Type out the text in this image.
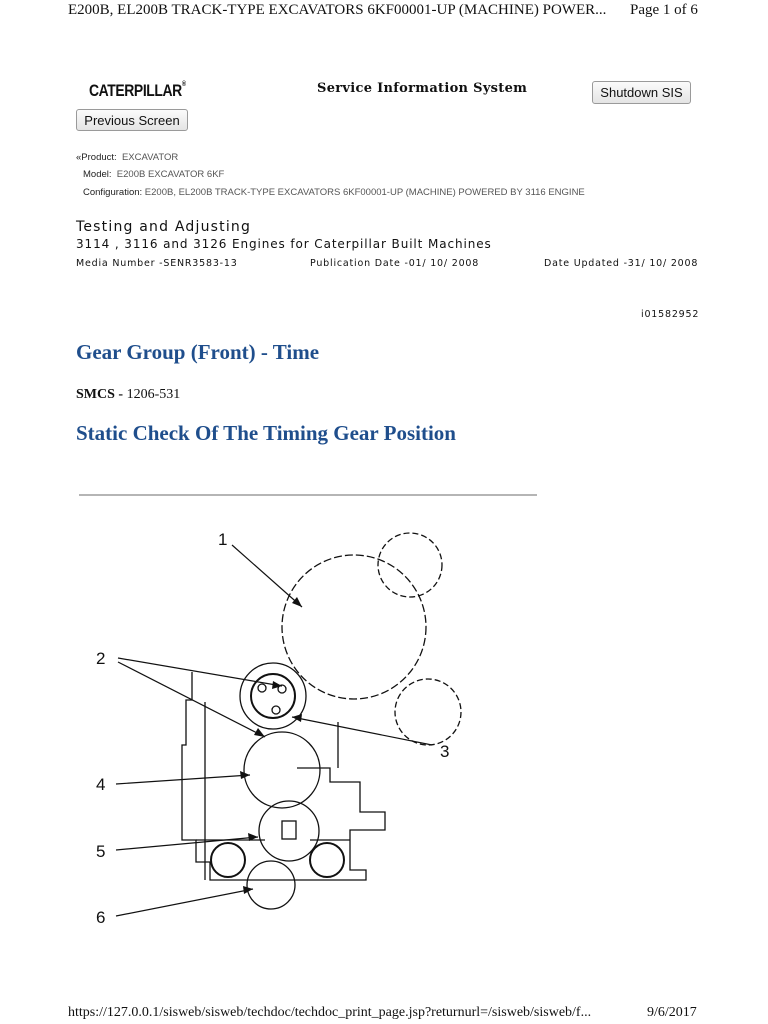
E200B, EL200B TRACK-TYPE EXCAVATORS 6KF00001-UP (MACHINE) POWER... Page 1 of 6
CATERPILLAR®	Service Information System	Shutdown SIS
Previous Screen
«Product: EXCAVATOR
Model: E200B EXCAVATOR 6KF
Configuration: E200B, EL200B TRACK-TYPE EXCAVATORS 6KF00001-UP (MACHINE) POWERED BY 3116 ENGINE
Testing and Adjusting
3114 , 3116 and 3126 Engines for Caterpillar Built Machines
Media Number -SENR3583-13	Publication Date -01/ 10/ 2008	Date Updated -31/ 10/ 2008
i01582952
Gear Group (Front) - Time
SMCS - 1206-531
Static Check Of The Timing Gear Position
1
2
3
4
5
6
https://127.0.0.1/sisweb/sisweb/techdoc/techdoc_print_page.jsp?returnurl=/sisweb/sisweb/f...	9/6/2017
